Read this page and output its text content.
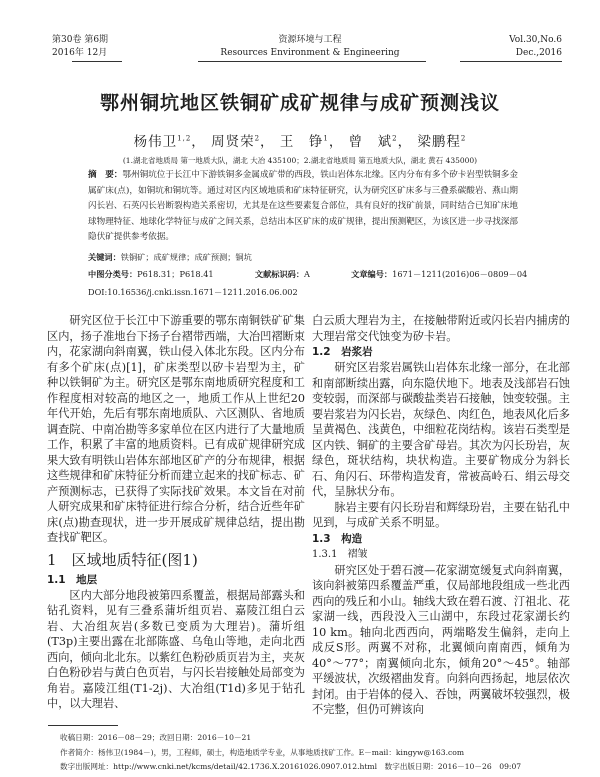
第30卷 第6期
2016年 12月
资源环境与工程
Resources Environment & Engineering
Vol.30,No.6
Dec.,2016
鄂州铜坑地区铁铜矿成矿规律与成矿预测浅议
杨伟卫$^{1,2}$， 周贤荣$^2$， 王　铮$^1$， 曾　斌$^2$， 梁鹏程$^2$
(1.湖北省地质局 第一地质大队，湖北 大冶 435100；2.湖北省地质局 第五地质大队，湖北 黄石 435000)
摘　要：鄂州铜坑位于长江中下游铁铜多金属成矿带的西段，铁山岩体东北缘。区内分布有多个矽卡岩型铁铜多金属矿床(点)，如铜坑和铜坑等。通过对区内区域地质和矿床特征研究，认为研究区矿床多与三叠系碳酸岩、燕山期闪长岩、石英闪长岩断裂构造关系密切，尤其是在这些要素复合部位，具有良好的找矿前景，同时结合已知矿床地球物理特征、地球化学特征与成矿之间关系，总结出本区矿床的成矿规律，提出预测靶区，为该区进一步寻找深部隐伏矿提供参考依据。
关键词：铁铜矿；成矿规律；成矿预测；铜坑
中图分类号：P618.31；P618.41	文献标识码：A	文章编号：1671－1211(2016)06－0809－04
DOI:10.16536/j.cnki.issn.1671－1211.2016.06.002

研究区位于长江中下游重要的鄂东南铜铁矿矿集区内，扬子准地台下扬子台褶带西端，大冶凹褶断束内，花家湖向斜南翼，铁山侵入体北东段。区内分布有多个矿床(点)[1]，矿床类型以矽卡岩型为主，矿种以铁铜矿为主。研究区是鄂东南地质研究程度和工作程度相对较高的地区之一，地质工作从上世纪20年代开始，先后有鄂东南地质队、六区测队、省地质调查院、中南冶勘等多家单位在区内进行了大量地质工作，积累了丰富的地质资料。已有成矿规律研究成果大致有明铁山岩体东部地区矿产的分布规律，根据这些规律和矿床特征分析而建立起来的找矿标志、矿产预测标志，已获得了实际找矿效果。本文旨在对前人研究成果和矿床特征进行综合分析，结合近些年矿床(点)勘查现状，进一步开展成矿规律总结，提出勘查找矿靶区。

1　区域地质特征(图1)
1.1　地层

区内大部分地段被第四系覆盖，根据局部露头和钻孔资料，见有三叠系蒲圻组页岩、嘉陵江组白云岩、大冶组灰岩(多数已变质为大理岩)。蒲圻组(T3p)主要出露在北部陈盛、乌龟山等地，走向北西西向，倾向北北东。以紫红色粉砂质页岩为主，夹灰白色粉砂岩与黄白色页岩，与闪长岩接触处局部变为角岩。嘉陵江组(T1-2j)、大冶组(T1d)多见于钻孔中，以大理岩、

白云质大理岩为主，在接触带附近或闪长岩内捕虏的大理岩常交代蚀变为矽卡岩。

1.2　岩浆岩

研究区岩浆岩属铁山岩体东北缘一部分，在北部和南部断续出露，向东隐伏地下。地表及浅部岩石蚀变较弱，而深部与碳酸盐类岩石接触，蚀变较强。主要岩浆岩为闪长岩，灰绿色、肉红色，地表风化后多呈黄褐色、浅黄色，中细粒花岗结构。该岩石类型是区内铁、铜矿的主要含矿母岩。其次为闪长玢岩，灰绿色，斑状结构，块状构造。主要矿物成分为斜长石、角闪石、环带构造发育，常被高岭石、绢云母交代，呈脉状分布。

脉岩主要有闪长玢岩和辉绿玢岩，主要在钻孔中见到，与成矿关系不明显。

1.3　构造
1.3.1　褶皱

研究区处于碧石渡—花家湖宽缓复式向斜南翼，该向斜被第四系覆盖严重，仅局部地段组成一些北西西向的残丘和小山。轴线大致在碧石渡、汀祖北、花家湖一线，西段没入三山湖中，东段过花家湖长约10 km。轴向北西西向，两端略发生偏斜，走向上成反S形。两翼不对称，北翼倾向南南西，倾角为40°～77°；南翼倾向北东，倾角20°～45°。轴部平缓波状，次级褶曲发育。向斜向西扬起，地层依次封闭。由于岩体的侵入、吞蚀，两翼破坏较强烈，极不完整，但仍可辨该向

收稿日期：2016－08－29；改回日期：2016－10－21
作者简介：杨伟卫(1984－)，男，工程师，硕士，构造地质学专业，从事地质找矿工作。E－mail：kingyw@163.com
数字出版网址：http://www.cnki.net/kcms/detail/42.1736.X.20161026.0907.012.html　数字出版日期：2016－10－26　09:07
